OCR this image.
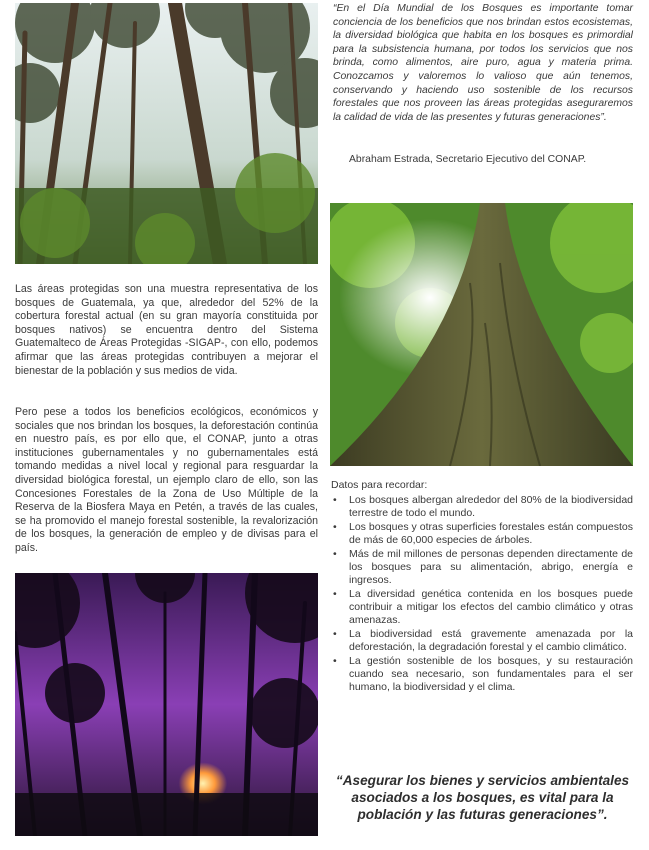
“En el Día Mundial de los Bosques es importante tomar conciencia de los beneficios que nos brindan estos ecosistemas, la diversidad biológica que habita en los bosques es primordial para la subsistencia humana, por todos los servicios que nos brinda, como alimentos, aire puro, agua y materia prima. Conozcamos y valoremos lo valioso que aún tenemos, conservando y haciendo uso sostenible de los recursos forestales que nos proveen las áreas protegidas aseguraremos la calidad de vida de las presentes y futuras generaciones”.
Abraham Estrada, Secretario Ejecutivo del CONAP.
Las áreas protegidas son una muestra representativa de los bosques de Guatemala, ya que, alrededor del 52% de la cobertura forestal actual (en su gran mayoría constituida por bosques nativos) se encuentra dentro del Sistema Guatemalteco de Áreas Protegidas -SIGAP-, con ello, podemos afirmar que las áreas protegidas contribuyen a mejorar el bienestar de la población y sus medios de vida.
Pero pese a todos los beneficios ecológicos, económicos y sociales que nos brindan los bosques, la deforestación continúa en nuestro país, es por ello que, el CONAP, junto a otras instituciones gubernamentales y no gubernamentales está tomando medidas a nivel local y regional para resguardar la diversidad biológica forestal, un ejemplo claro de ello, son las Concesiones Forestales de la Zona de Uso Múltiple de la Reserva de la Biosfera Maya en Petén, a través de las cuales, se ha promovido el manejo forestal sostenible, la revalorización de los bosques, la generación de empleo y de divisas para el país.
Datos para recordar:
• Los bosques albergan alrededor del 80% de la biodiversidad terrestre de todo el mundo.
• Los bosques y otras superficies forestales están compuestos de más de 60,000 especies de árboles.
• Más de mil millones de personas dependen directamente de los bosques para su alimentación, abrigo, energía e ingresos.
• La diversidad genética contenida en los bosques puede contribuir a mitigar los efectos del cambio climático y otras amenazas.
• La biodiversidad está gravemente amenazada por la deforestación, la degradación forestal y el cambio climático.
• La gestión sostenible de los bosques, y su restauración cuando sea necesario, son fundamentales para el ser humano, la biodiversidad y el clima.
“Asegurar los bienes y servicios ambientales asociados a los bosques, es vital para la población y las futuras generaciones”.
